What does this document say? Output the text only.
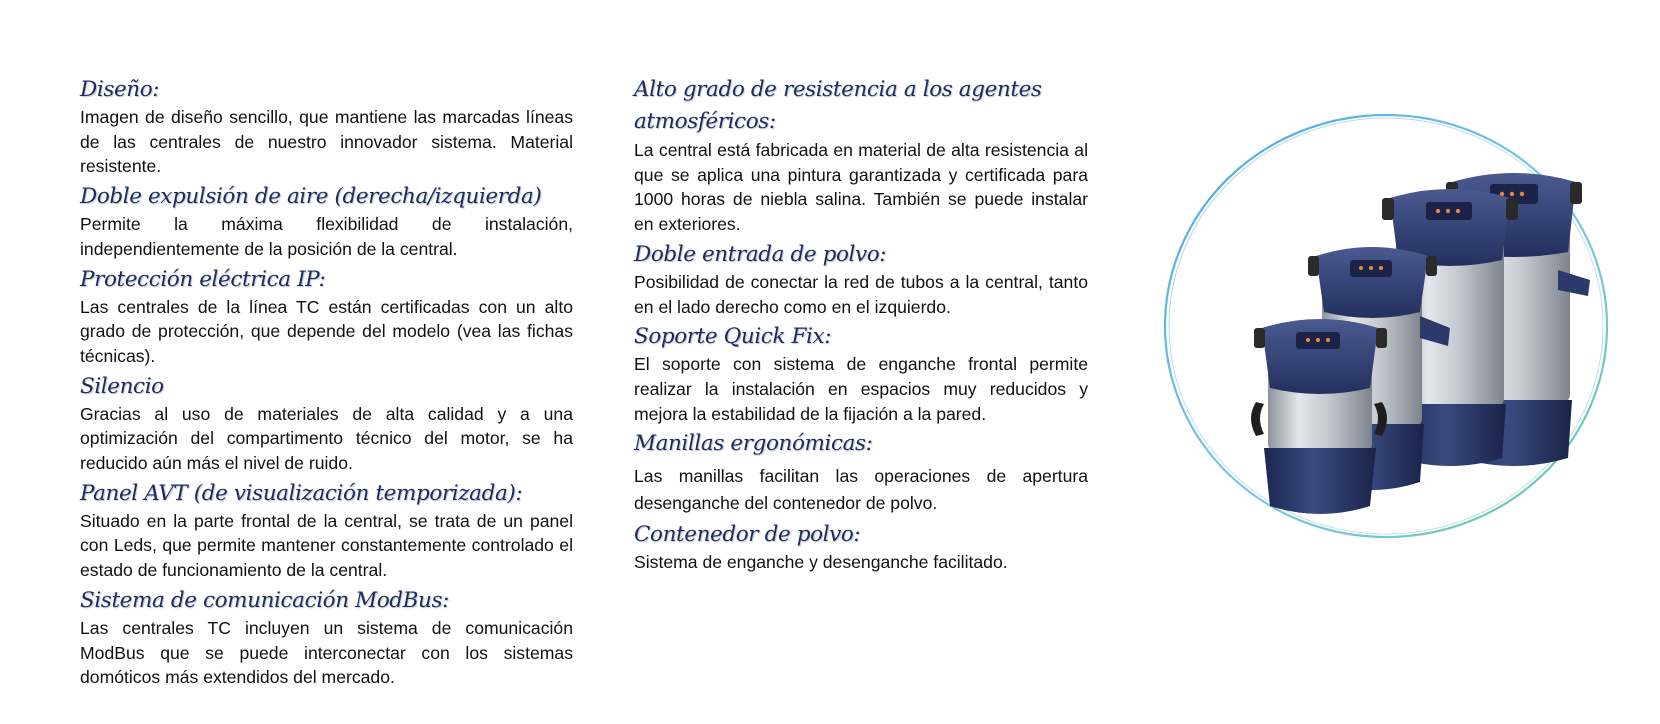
Diseño:

Imagen de diseño sencillo, que mantiene las marcadas líneas de las centrales de nuestro innovador sistema. Material resistente.

Doble expulsión de aire (derecha/izquierda)

Permite la máxima flexibilidad de instalación, independientemente de la posición de la central.

Protección eléctrica IP:

Las centrales de la línea TC están certificadas con un alto grado de protección, que depende del modelo (vea las fichas técnicas).

Silencio

Gracias al uso de materiales de alta calidad y a una optimización del compartimento técnico del motor, se ha reducido aún más el nivel de ruido.

Panel AVT (de visualización temporizada):

Situado en la parte frontal de la central, se trata de un panel con Leds, que permite mantener constantemente controlado el estado de funcionamiento de la central.

Sistema de comunicación ModBus:

Las centrales TC incluyen un sistema de comunicación ModBus que se puede interconectar con los sistemas domóticos más extendidos del mercado.

Alto grado de resistencia a los agentes atmosféricos:

La central está fabricada en material de alta resistencia al que se aplica una pintura garantizada y certificada para 1000 horas de niebla salina. También se puede instalar en exteriores.

Doble entrada de polvo:

Posibilidad de conectar la red de tubos a la central, tanto en el lado derecho como en el izquierdo.

Soporte Quick Fix:

El soporte con sistema de enganche frontal permite realizar la instalación en espacios muy reducidos y mejora la estabilidad de la fijación a la pared.

Manillas ergonómicas:

Las manillas facilitan las operaciones de apertura desenganche del contenedor de polvo.

Contenedor de polvo:

Sistema de enganche y desenganche facilitado.
